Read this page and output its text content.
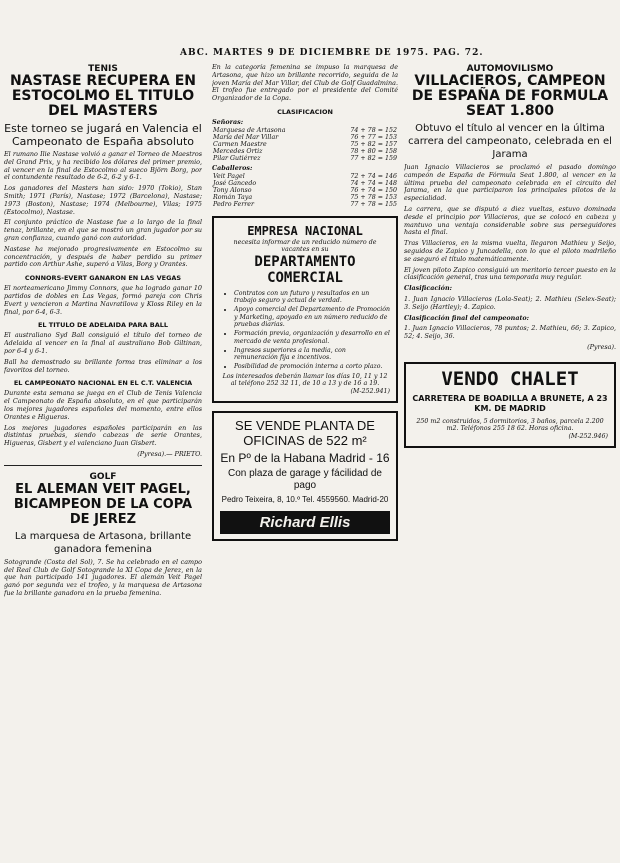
ABC. MARTES 9 DE DICIEMBRE DE 1975. PAG. 72.
TENIS
NASTASE RECUPERA EN ESTOCOLMO EL TITULO DEL MASTERS
Este torneo se jugará en Valencia el Campeonato de España absoluto
El rumano Ilie Nastase volvió a ganar el Torneo de Maestros del Grand Prix, y ha recibido los dólares del primer premio, al vencer en la final de Estocolmo al sueco Björn Borg, por el contundente resultado de 6-2, 6-2 y 6-1.
Los ganadores del Masters han sido: 1970 (Tokio), Stan Smith; 1971 (París), Nastase; 1972 (Barcelona), Nastase; 1973 (Boston), Nastase; 1974 (Melbourne), Vilas; 1975 (Estocolmo), Nastase.
El conjunto práctico de Nastase fue a lo largo de la final tenaz, brillante, en el que se mostró un gran jugador por su gran confianza, cuando ganó con autoridad.
Nastase ha mejorado progresivamente en Estocolmo su concentración, y después de haber perdido su primer partido con Arthur Ashe, superó a Vilas, Borg y Orantes.
CONNORS-EVERT GANARON EN LAS VEGAS
El norteamericano Jimmy Connors, que ha logrado ganar 10 partidos de dobles en Las Vegas, formó pareja con Chris Evert y vencieron a Martina Navratilova y Kloss Riley en la final, por 6-4, 6-3.
EL TITULO DE ADELAIDA PARA BALL
El australiano Syd Ball consiguió el título del torneo de Adelaida al vencer en la final al australiano Bob Giltinan, por 6-4 y 6-1.
Ball ha demostrado su brillante forma tras eliminar a los favoritos del torneo.
EL CAMPEONATO NACIONAL EN EL C.T. VALENCIA
Durante esta semana se juega en el Club de Tenis Valencia el Campeonato de España absoluto, en el que participarán los mejores jugadores españoles del momento, entre ellos Orantes e Higueras.
Los mejores jugadores españoles participarán en las distintas pruebas, siendo cabezas de serie Orantes, Higueras, Gisbert y el valenciano Juan Gisbert.
(Pyresa).— PRIETO.
GOLF
EL ALEMAN VEIT PAGEL, BICAMPEON DE LA COPA DE JEREZ
La marquesa de Artasona, brillante ganadora femenina
Sotogrande (Costa del Sol), 7. Se ha celebrado en el campo del Real Club de Golf Sotogrande la XI Copa de Jerez, en la que han participado 141 jugadores. El alemán Veit Pagel ganó por segunda vez el trofeo, y la marquesa de Artasona fue la brillante ganadora en la prueba femenina.
En la categoría femenina se impuso la marquesa de Artasona, que hizo un brillante recorrido, seguida de la joven María del Mar Villar, del Club de Golf Guadalmina. El trofeo fue entregado por el presidente del Comité Organizador de la Copa.
CLASIFICACION
Señoras:
Marquesa de Artasona	74 + 78 = 152
María del Mar Villar	76 + 77 = 153
Carmen Maestre	75 + 82 = 157
Mercedes Ortiz	78 + 80 = 158
Pilar Gutiérrez	77 + 82 = 159
Caballeros:
Veit Pagel	72 + 74 = 146
José Gancedo	74 + 74 = 148
Tony Alonso	76 + 74 = 150
Román Taya	75 + 78 = 153
Pedro Ferrer	77 + 78 = 155
EMPRESA NACIONAL
necesita informar de un reducido número de vacantes en su
DEPARTAMENTO COMERCIAL
• Contratos con un futuro y resultados en un trabajo seguro y actual de verdad.
• Apoyo comercial del Departamento de Promoción y Marketing, apoyado en un número reducido de pruebas diarias.
• Formación previa, organización y desarrollo en el mercado de venta profesional.
• Ingresos superiores a la media, con remuneración fija e incentivos.
• Posibilidad de promoción interna a corto plazo.
Los interesados deberán llamar los días 10, 11 y 12 al teléfono 252 32 11, de 10 a 13 y de 16 a 19.
(M-252.941)
SE VENDE PLANTA DE OFICINAS de 522 m²
En Pº de la Habana Madrid - 16
Con plaza de garage y fácilidad de pago
Pedro Teixeira, 8, 10.º Tel. 4559560. Madrid-20
Richard Ellis
AUTOMOVILISMO
VILLACIEROS, CAMPEON DE ESPAÑA DE FORMULA SEAT 1.800
Obtuvo el título al vencer en la última carrera del campeonato, celebrada en el Jarama
Juan Ignacio Villacieros se proclamó el pasado domingo campeón de España de Fórmula Seat 1.800, al vencer en la última prueba del campeonato celebrada en el circuito del Jarama, en la que participaron los principales pilotos de la especialidad.
La carrera, que se disputó a diez vueltas, estuvo dominada desde el principio por Villacieros, que se colocó en cabeza y mantuvo una ventaja considerable sobre sus perseguidores hasta el final.
Tras Villacieros, en la misma vuelta, llegaron Mathieu y Seijo, seguidos de Zapico y Juncadella, con lo que el piloto madrileño se aseguró el título matemáticamente.
El joven piloto Zapico consiguió un meritorio tercer puesto en la clasificación general, tras una temporada muy regular.
Clasificación:
1. Juan Ignacio Villacieros (Lola-Seat); 2. Mathieu (Selex-Seat); 3. Seijo (Hartley); 4. Zapico.
Clasificación final del campeonato:
1. Juan Ignacio Villacieros, 78 puntos; 2. Mathieu, 66; 3. Zapico, 52; 4. Seijo, 36.
(Pyresa).
VENDO CHALET
CARRETERA DE BOADILLA A BRUNETE, A 23 KM. DE MADRID
250 m2 construidos, 5 dormitorios, 3 baños, parcela 2.200 m2. Teléfonos 255 18 62. Horas oficina.
(M-252.946)
